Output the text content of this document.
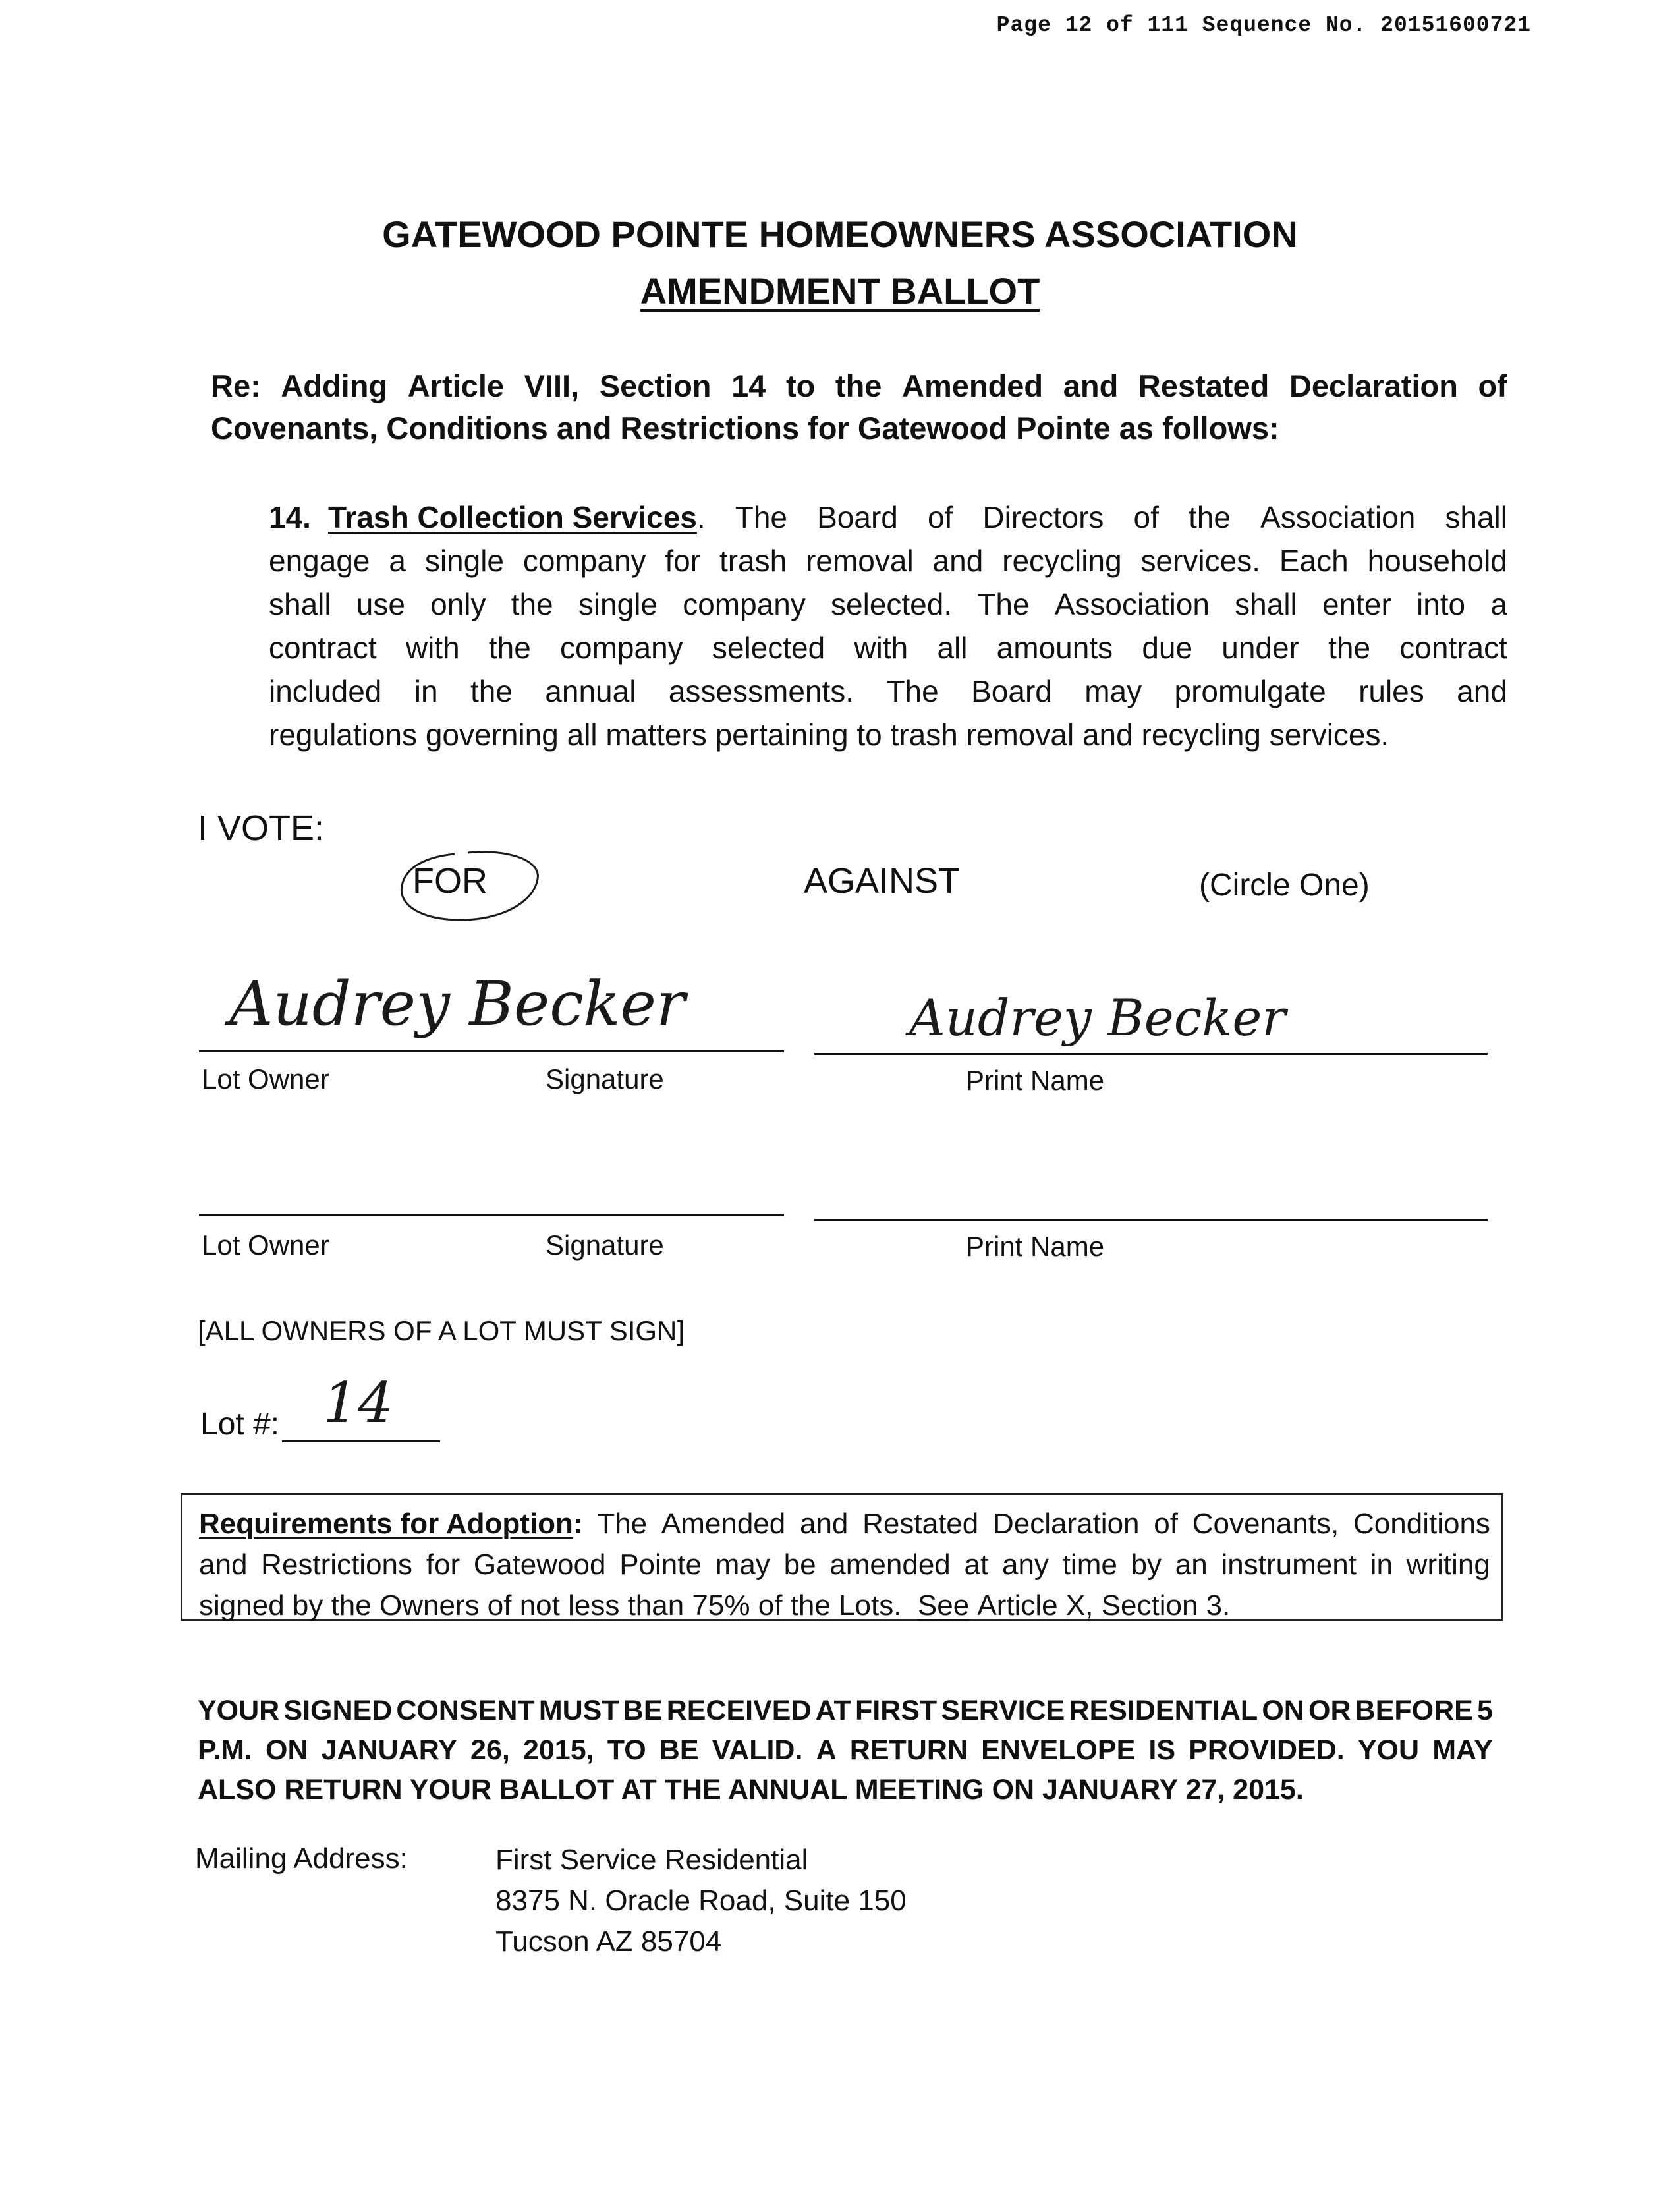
Page 12 of 111 Sequence No. 20151600721
GATEWOOD POINTE HOMEOWNERS ASSOCIATION
AMENDMENT BALLOT
Re: Adding Article VIII, Section 14 to the Amended and Restated Declaration of
Covenants, Conditions and Restrictions for Gatewood Pointe as follows:
14. Trash Collection Services. The Board of Directors of the Association shall
engage a single company for trash removal and recycling services. Each household
shall use only the single company selected. The Association shall enter into a
contract with the company selected with all amounts due under the contract
included in the annual assessments. The Board may promulgate rules and
regulations governing all matters pertaining to trash removal and recycling services.
I VOTE:
FOR	AGAINST	(Circle One)
Audrey Becker	Audrey Becker
Lot Owner	Signature	Print Name
Lot Owner	Signature	Print Name
[ALL OWNERS OF A LOT MUST SIGN]
Lot #: 14
Requirements for Adoption: The Amended and Restated Declaration of Covenants, Conditions
and Restrictions for Gatewood Pointe may be amended at any time by an instrument in writing
signed by the Owners of not less than 75% of the Lots. See Article X, Section 3.
YOUR SIGNED CONSENT MUST BE RECEIVED AT FIRST SERVICE RESIDENTIAL ON OR BEFORE 5
P.M. ON JANUARY 26, 2015, TO BE VALID. A RETURN ENVELOPE IS PROVIDED. YOU MAY
ALSO RETURN YOUR BALLOT AT THE ANNUAL MEETING ON JANUARY 27, 2015.
Mailing Address:	First Service Residential
8375 N. Oracle Road, Suite 150
Tucson AZ 85704
